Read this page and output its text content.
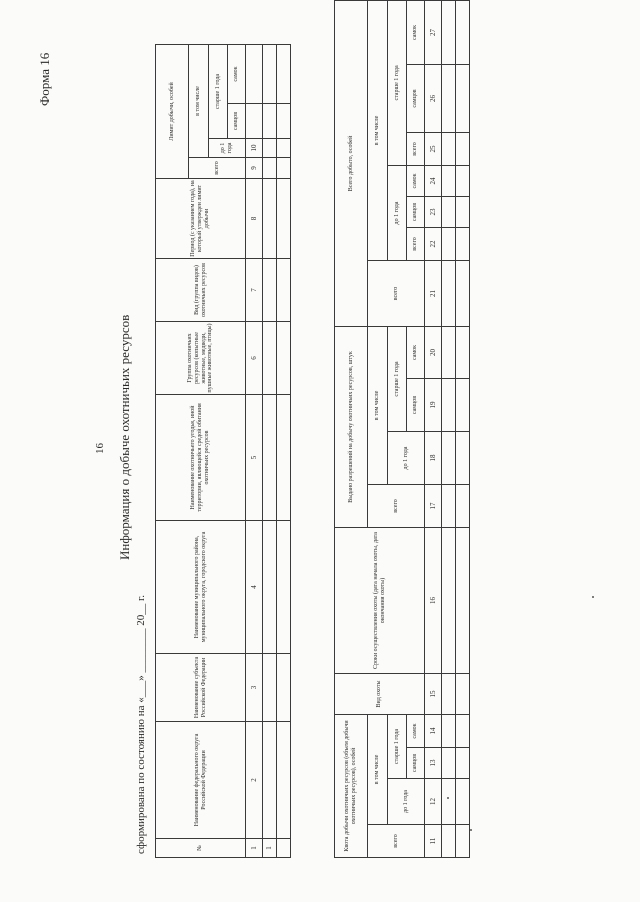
Форма 16
16 Информация о добыче охотничьих ресурсов
сформирована по состоянию на «___» ________ 20__ г.	№	Наименование федерального округа Российской Федерации	Наименование субъекта Российской Федерации	Наименование муниципального района, муниципального округа, городского округа	Наименование охотничьего угодья, иной территории, являющейся средой обитания охотничьих ресурсов	Группа охотничьих ресурсов (копытные животные, медведи, пушные животные, птицы)	Вид (группа видов) охотничьих ресурсов	Период (с указанием года), на который утвержден лимит добычи	Лимит добычи, особей			
								всего	в том числе		
									до 1 года	старше 1 года	
										самцов	самок
1	2	3	4	5	6	7	8	9	10		
1											
												Квота добычи охотничьих ресурсов (объем добычи охотничьих ресурсов), особей				Вид охоты	Сроки осуществления охоты (дата начала охоты, дата окончания охоты)	Выдано разрешений на добычу охотничьих ресурсов, штук				Всего добыто, особей						
всего	в том числе					всего	в том числе			всего	в том числе					
	до 1 года	старше 1 года					до 1 года	старше 1 года			до 1 года			старше 1 года		
		самцов	самок					самцов	самок		всего	самцов	самок	всего	самцов	самок
11	12	13	14	15	16	17	18	19	20	21	22	23	24	25	26	27
